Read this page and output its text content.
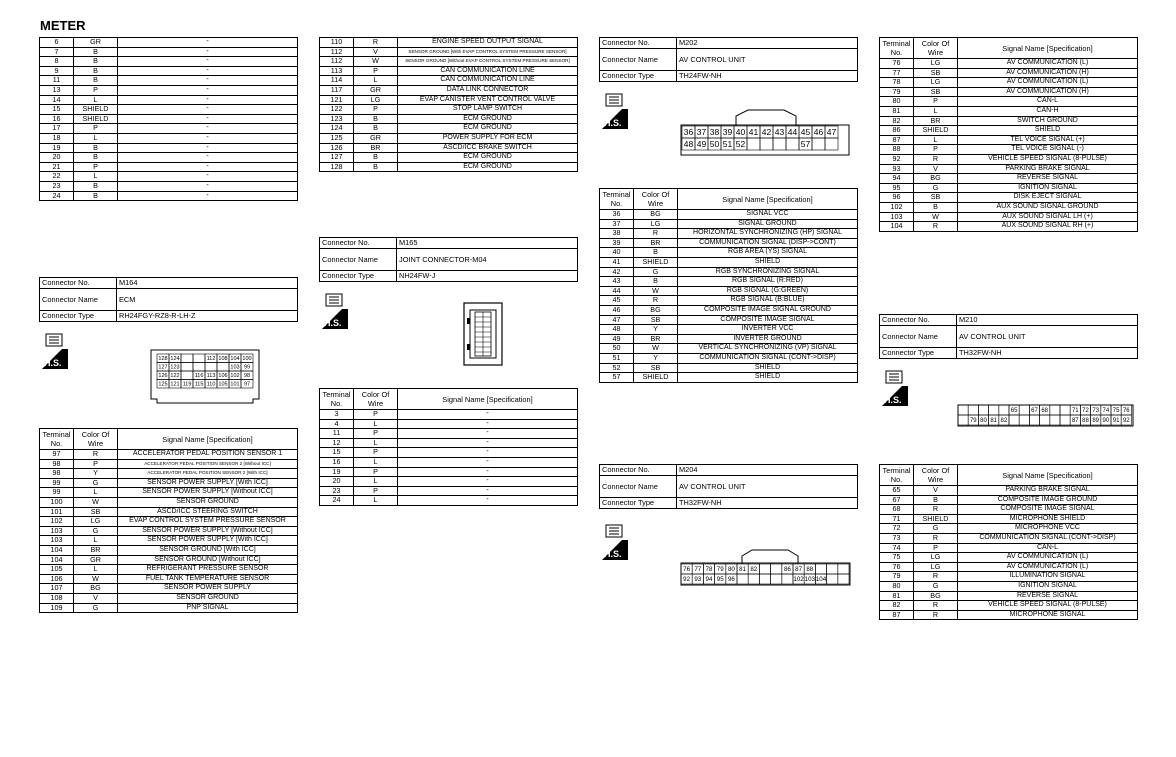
METER
6	GR	-
7	B	-
8	B	-
9	B	-
11	B	-
13	P	-
14	L	-
15	SHIELD	-
16	SHIELD	-
17	P	-
18	L	-
19	B	-
20	B	-
21	P	-
22	L	-
23	B	-
24	B	-
Connector No.	M164
Connector Name	ECM
Connector Type	RH24FGY-RZ8-R-LH-Z
H.S.	128 124	112 108 104 100
127 123	103 99
126 122	116 113 106 102 98
125 121 119 115 110 105 101 97
Terminal No.	Color Of Wire	Signal Name [Specification]
97	R	ACCELERATOR PEDAL POSITION SENSOR 1
98	P	ACCELERATOR PEDAL POSITION SENSOR 2 [Without ICC]
98	Y	ACCELERATOR PEDAL POSITION SENSOR 2 [With ICC]
99	G	SENSOR POWER SUPPLY [With ICC]
99	L	SENSOR POWER SUPPLY [Without ICC]
100	W	SENSOR GROUND
101	SB	ASCD/ICC STEERING SWITCH
102	LG	EVAP CONTROL SYSTEM PRESSURE SENSOR
103	G	SENSOR POWER SUPPLY [Without ICC]
103	L	SENSOR POWER SUPPLY [With ICC]
104	BR	SENSOR GROUND [With ICC]
104	GR	SENSOR GROUND [Without ICC]
105	L	REFRIGERANT PRESSURE SENSOR
106	W	FUEL TANK TEMPERATURE SENSOR
107	BG	SENSOR POWER SUPPLY
108	V	SENSOR GROUND
109	G	PNP SIGNAL
110	R	ENGINE SPEED OUTPUT SIGNAL
112	V	SENSOR GROUND [With EVAP CONTROL SYSTEM PRESSURE SENSOR]
112	W	SENSOR GROUND [Without EVAP CONTROL SYSTEM PRESSURE SENSOR]
113	P	CAN COMMUNICATION LINE
114	L	CAN COMMUNICATION LINE
117	GR	DATA LINK CONNECTOR
121	LG	EVAP CANISTER VENT CONTROL VALVE
122	P	STOP LAMP SWITCH
123	B	ECM GROUND
124	B	ECM GROUND
125	GR	POWER SUPPLY FOR ECM
126	BR	ASCD/ICC BRAKE SWITCH
127	B	ECM GROUND
128	B	ECM GROUND
Connector No.	M165
Connector Name	JOINT CONNECTOR-M04
Connector Type	NH24FW-J
H.S.
Terminal No.	Color Of Wire	Signal Name [Specification]
3	P	-
4	L	-
11	P	-
12	L	-
15	P	-
16	L	-
19	P	-
20	L	-
23	P	-
24	L	-
Connector No.	M202
Connector Name	AV CONTROL UNIT
Connector Type	TH24FW-NH
H.S.
36 37 38 39 40 41 42 43 44 45 46 47
48 49 50 51 52	57
Terminal No.	Color Of Wire	Signal Name [Specification]
36	BG	SIGNAL VCC
37	LG	SIGNAL GROUND
38	R	HORIZONTAL SYNCHRONIZING (HP) SIGNAL
39	BR	COMMUNICATION SIGNAL (DISP->CONT)
40	B	RGB AREA (YS) SIGNAL
41	SHIELD	SHIELD
42	G	RGB SYNCHRONIZING SIGNAL
43	B	RGB SIGNAL (R:RED)
44	W	RGB SIGNAL (G:GREEN)
45	R	RGB SIGNAL (B:BLUE)
46	BG	COMPOSITE IMAGE SIGNAL GROUND
47	SB	COMPOSITE IMAGE SIGNAL
48	Y	INVERTER VCC
49	BR	INVERTER GROUND
50	W	VERTICAL SYNCHRONIZING (VP) SIGNAL
51	Y	COMMUNICATION SIGNAL (CONT->DISP)
52	SB	SHIELD
57	SHIELD	SHIELD
Connector No.	M204
Connector Name	AV CONTROL UNIT
Connector Type	TH32FW-NH
H.S.
76 77 78 79 80 81 82	86 87 88
92 93 94 95 96	102 103 104
Terminal No.	Color Of Wire	Signal Name [Specification]
76	LG	AV COMMUNICATION (L)
77	SB	AV COMMUNICATION (H)
78	LG	AV COMMUNICATION (L)
79	SB	AV COMMUNICATION (H)
80	P	CAN-L
81	L	CAN-H
82	BR	SWITCH GROUND
86	SHIELD	SHIELD
87	L	TEL VOICE SIGNAL (+)
88	P	TEL VOICE SIGNAL (-)
92	R	VEHICLE SPEED SIGNAL (8-PULSE)
93	V	PARKING BRAKE SIGNAL
94	BG	REVERSE SIGNAL
95	G	IGNITION SIGNAL
96	SB	DISK EJECT SIGNAL
102	B	AUX SOUND SIGNAL GROUND
103	W	AUX SOUND SIGNAL LH (+)
104	R	AUX SOUND SIGNAL RH (+)
Connector No.	M210
Connector Name	AV CONTROL UNIT
Connector Type	TH32FW-NH
H.S.
65 67 68	71 72 73 74 75 76
79 80 81 82	87 88 89 90 91 92
Terminal No.	Color Of Wire	Signal Name [Specification]
65	V	PARKING BRAKE SIGNAL
67	B	COMPOSITE IMAGE GROUND
68	R	COMPOSITE IMAGE SIGNAL
71	SHIELD	MICROPHONE SHIELD
72	G	MICROPHONE VCC
73	R	COMMUNICATION SIGNAL (CONT->DISP)
74	P	CAN-L
75	LG	AV COMMUNICATION (L)
76	LG	AV COMMUNICATION (L)
79	R	ILLUMINATION SIGNAL
80	G	IGNITION SIGNAL
81	BG	REVERSE SIGNAL
82	R	VEHICLE SPEED SIGNAL (8-PULSE)
87	R	MICROPHONE SIGNAL
